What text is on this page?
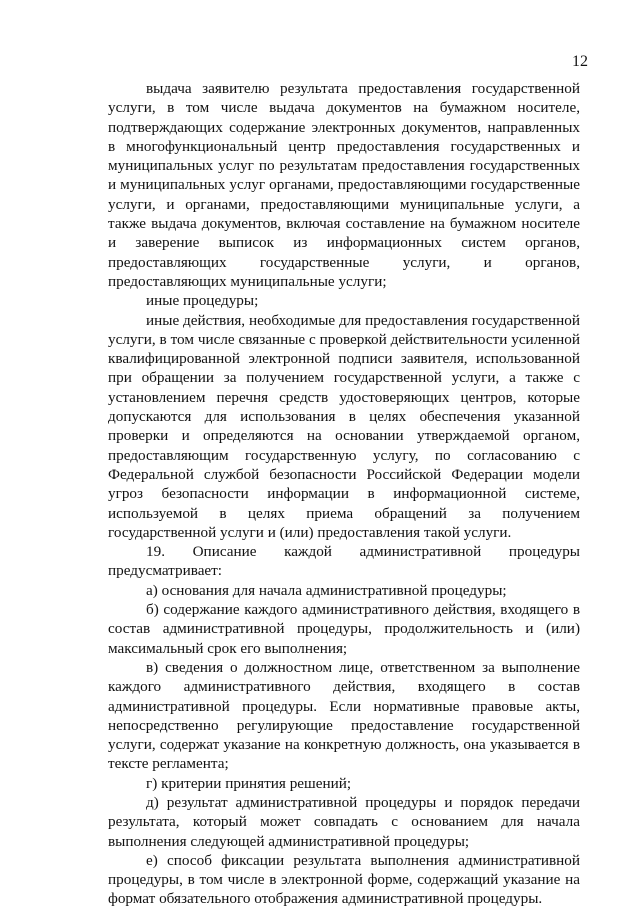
12

выдача заявителю результата предоставления государственной услуги, в том числе выдача документов на бумажном носителе, подтверждающих содержание электронных документов, направленных в многофункциональный центр предоставления государственных и муниципальных услуг по результатам предоставления государственных и муниципальных услуг органами, предоставляющими государственные услуги, и органами, предоставляющими муниципальные услуги, а также выдача документов, включая составление на бумажном носителе и заверение выписок из информационных систем органов, предоставляющих государственные услуги, и органов, предоставляющих муниципальные услуги;

иные процедуры;

иные действия, необходимые для предоставления государственной услуги, в том числе связанные с проверкой действительности усиленной квалифицированной электронной подписи заявителя, использованной при обращении за получением государственной услуги, а также с установлением перечня средств удостоверяющих центров, которые допускаются для использования в целях обеспечения указанной проверки и определяются на основании утверждаемой органом, предоставляющим государственную услугу, по согласованию с Федеральной службой безопасности Российской Федерации модели угроз безопасности информации в информационной системе, используемой в целях приема обращений за получением государственной услуги и (или) предоставления такой услуги.

19. Описание каждой административной процедуры предусматривает:

а) основания для начала административной процедуры;

б) содержание каждого административного действия, входящего в состав административной процедуры, продолжительность и (или) максимальный срок его выполнения;

в) сведения о должностном лице, ответственном за выполнение каждого административного действия, входящего в состав административной процедуры. Если нормативные правовые акты, непосредственно регулирующие предоставление государственной услуги, содержат указание на конкретную должность, она указывается в тексте регламента;

г) критерии принятия решений;

д) результат административной процедуры и порядок передачи результата, который может совпадать с основанием для начала выполнения следующей административной процедуры;

е) способ фиксации результата выполнения административной процедуры, в том числе в электронной форме, содержащий указание на формат обязательного отображения административной процедуры.
